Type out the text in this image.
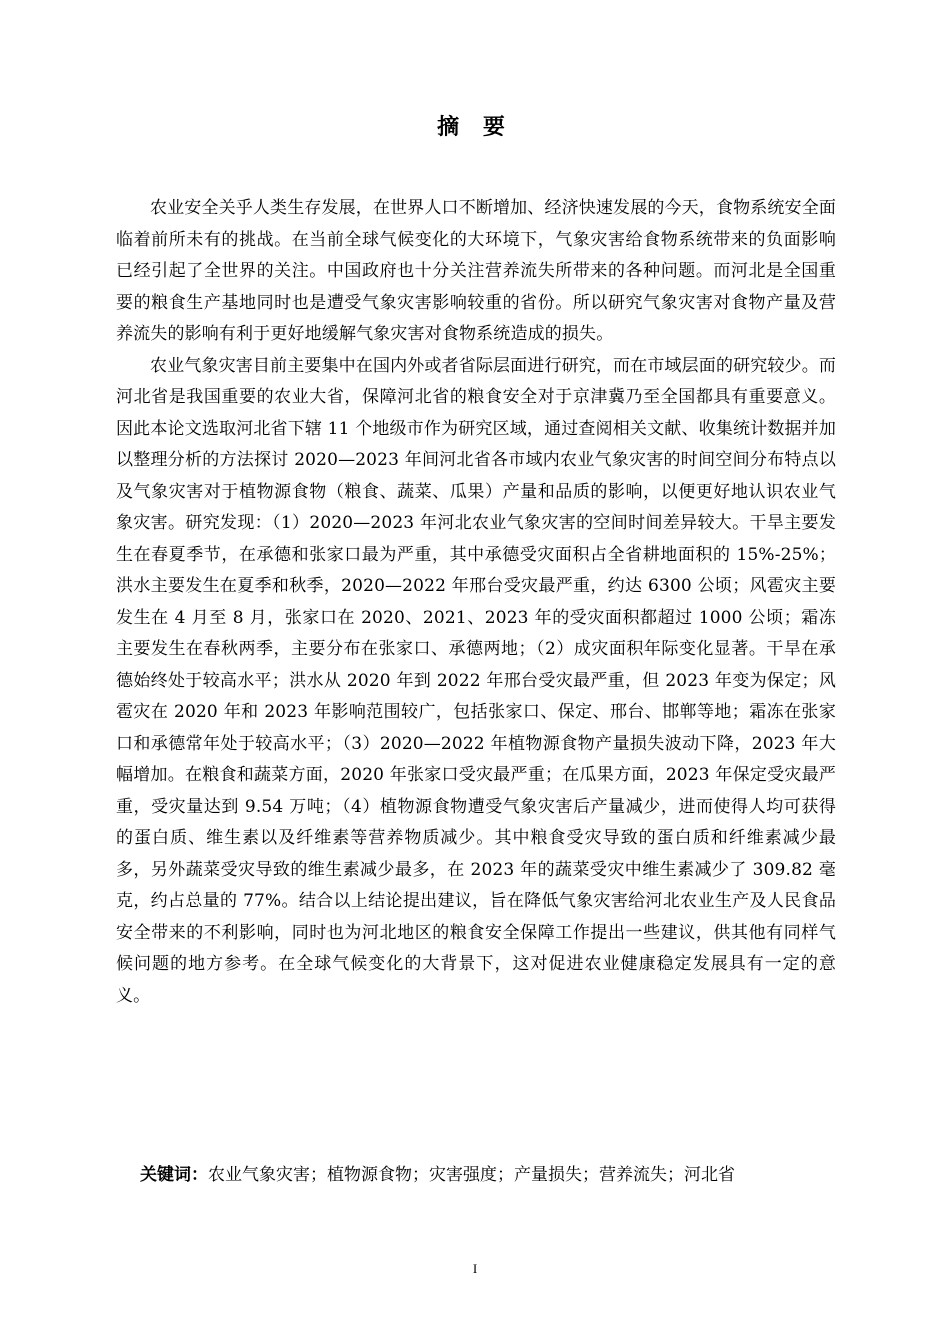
摘 要

农业安全关乎人类生存发展，在世界人口不断增加、经济快速发展的今天，食物系统安全面临着前所未有的挑战。在当前全球气候变化的大环境下，气象灾害给食物系统带来的负面影响已经引起了全世界的关注。中国政府也十分关注营养流失所带来的各种问题。而河北是全国重要的粮食生产基地同时也是遭受气象灾害影响较重的省份。所以研究气象灾害对食物产量及营养流失的影响有利于更好地缓解气象灾害对食物系统造成的损失。

农业气象灾害目前主要集中在国内外或者省际层面进行研究，而在市域层面的研究较少。而河北省是我国重要的农业大省，保障河北省的粮食安全对于京津冀乃至全国都具有重要意义。因此本论文选取河北省下辖 11 个地级市作为研究区域，通过查阅相关文献、收集统计数据并加以整理分析的方法探讨 2020—2023 年间河北省各市域内农业气象灾害的时间空间分布特点以及气象灾害对于植物源食物（粮食、蔬菜、瓜果）产量和品质的影响，以便更好地认识农业气象灾害。研究发现：（1）2020—2023 年河北农业气象灾害的空间时间差异较大。干旱主要发生在春夏季节，在承德和张家口最为严重，其中承德受灾面积占全省耕地面积的 15%-25%；洪水主要发生在夏季和秋季，2020—2022 年邢台受灾最严重，约达 6300 公顷；风雹灾主要发生在 4 月至 8 月，张家口在 2020、2021、2023 年的受灾面积都超过 1000 公顷；霜冻主要发生在春秋两季，主要分布在张家口、承德两地；（2）成灾面积年际变化显著。干旱在承德始终处于较高水平；洪水从 2020 年到 2022 年邢台受灾最严重，但 2023 年变为保定；风雹灾在 2020 年和 2023 年影响范围较广，包括张家口、保定、邢台、邯郸等地；霜冻在张家口和承德常年处于较高水平；（3）2020—2022 年植物源食物产量损失波动下降，2023 年大幅增加。在粮食和蔬菜方面，2020 年张家口受灾最严重；在瓜果方面，2023 年保定受灾最严重，受灾量达到 9.54 万吨；（4）植物源食物遭受气象灾害后产量减少，进而使得人均可获得的蛋白质、维生素以及纤维素等营养物质减少。其中粮食受灾导致的蛋白质和纤维素减少最多，另外蔬菜受灾导致的维生素减少最多，在 2023 年的蔬菜受灾中维生素减少了 309.82 毫克，约占总量的 77%。结合以上结论提出建议，旨在降低气象灾害给河北农业生产及人民食品安全带来的不利影响，同时也为河北地区的粮食安全保障工作提出一些建议，供其他有同样气候问题的地方参考。在全球气候变化的大背景下，这对促进农业健康稳定发展具有一定的意义。

关键词：农业气象灾害；植物源食物；灾害强度；产量损失；营养流失；河北省
I
